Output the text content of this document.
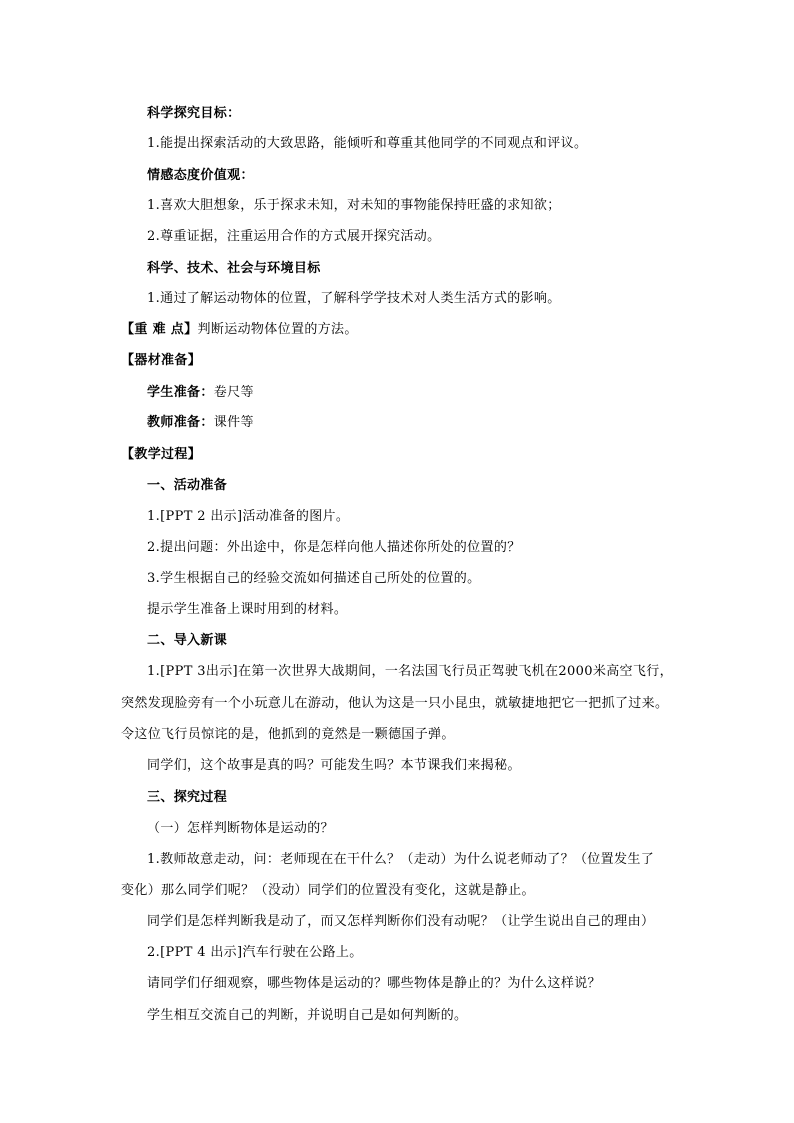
科学探究目标：
1.能提出探索活动的大致思路，能倾听和尊重其他同学的不同观点和评议。
情感态度价值观：
1.喜欢大胆想象，乐于探求未知，对未知的事物能保持旺盛的求知欲；
2.尊重证据，注重运用合作的方式展开探究活动。
科学、技术、社会与环境目标
1.通过了解运动物体的位置，了解科学学技术对人类生活方式的影响。
【重 难 点】判断运动物体位置的方法。
【器材准备】
学生准备：卷尺等
教师准备：课件等
【教学过程】
一、活动准备
1.[PPT 2 出示]活动准备的图片。
2.提出问题：外出途中，你是怎样向他人描述你所处的位置的？
3.学生根据自己的经验交流如何描述自己所处的位置的。
提示学生准备上课时用到的材料。
二、导入新课
1.[PPT 3出示]在第一次世界大战期间，一名法国飞行员正驾驶飞机在2000米高空飞行，
突然发现脸旁有一个小玩意儿在游动，他认为这是一只小昆虫，就敏捷地把它一把抓了过来。
令这位飞行员惊诧的是，他抓到的竟然是一颗德国子弹。
同学们，这个故事是真的吗？可能发生吗？本节课我们来揭秘。
三、探究过程
（一）怎样判断物体是运动的？
1.教师故意走动，问：老师现在在干什么？（走动）为什么说老师动了？（位置发生了
变化）那么同学们呢？（没动）同学们的位置没有变化，这就是静止。
同学们是怎样判断我是动了，而又怎样判断你们没有动呢？（让学生说出自己的理由）
2.[PPT 4 出示]汽车行驶在公路上。
请同学们仔细观察，哪些物体是运动的？哪些物体是静止的？为什么这样说？
学生相互交流自己的判断，并说明自己是如何判断的。
